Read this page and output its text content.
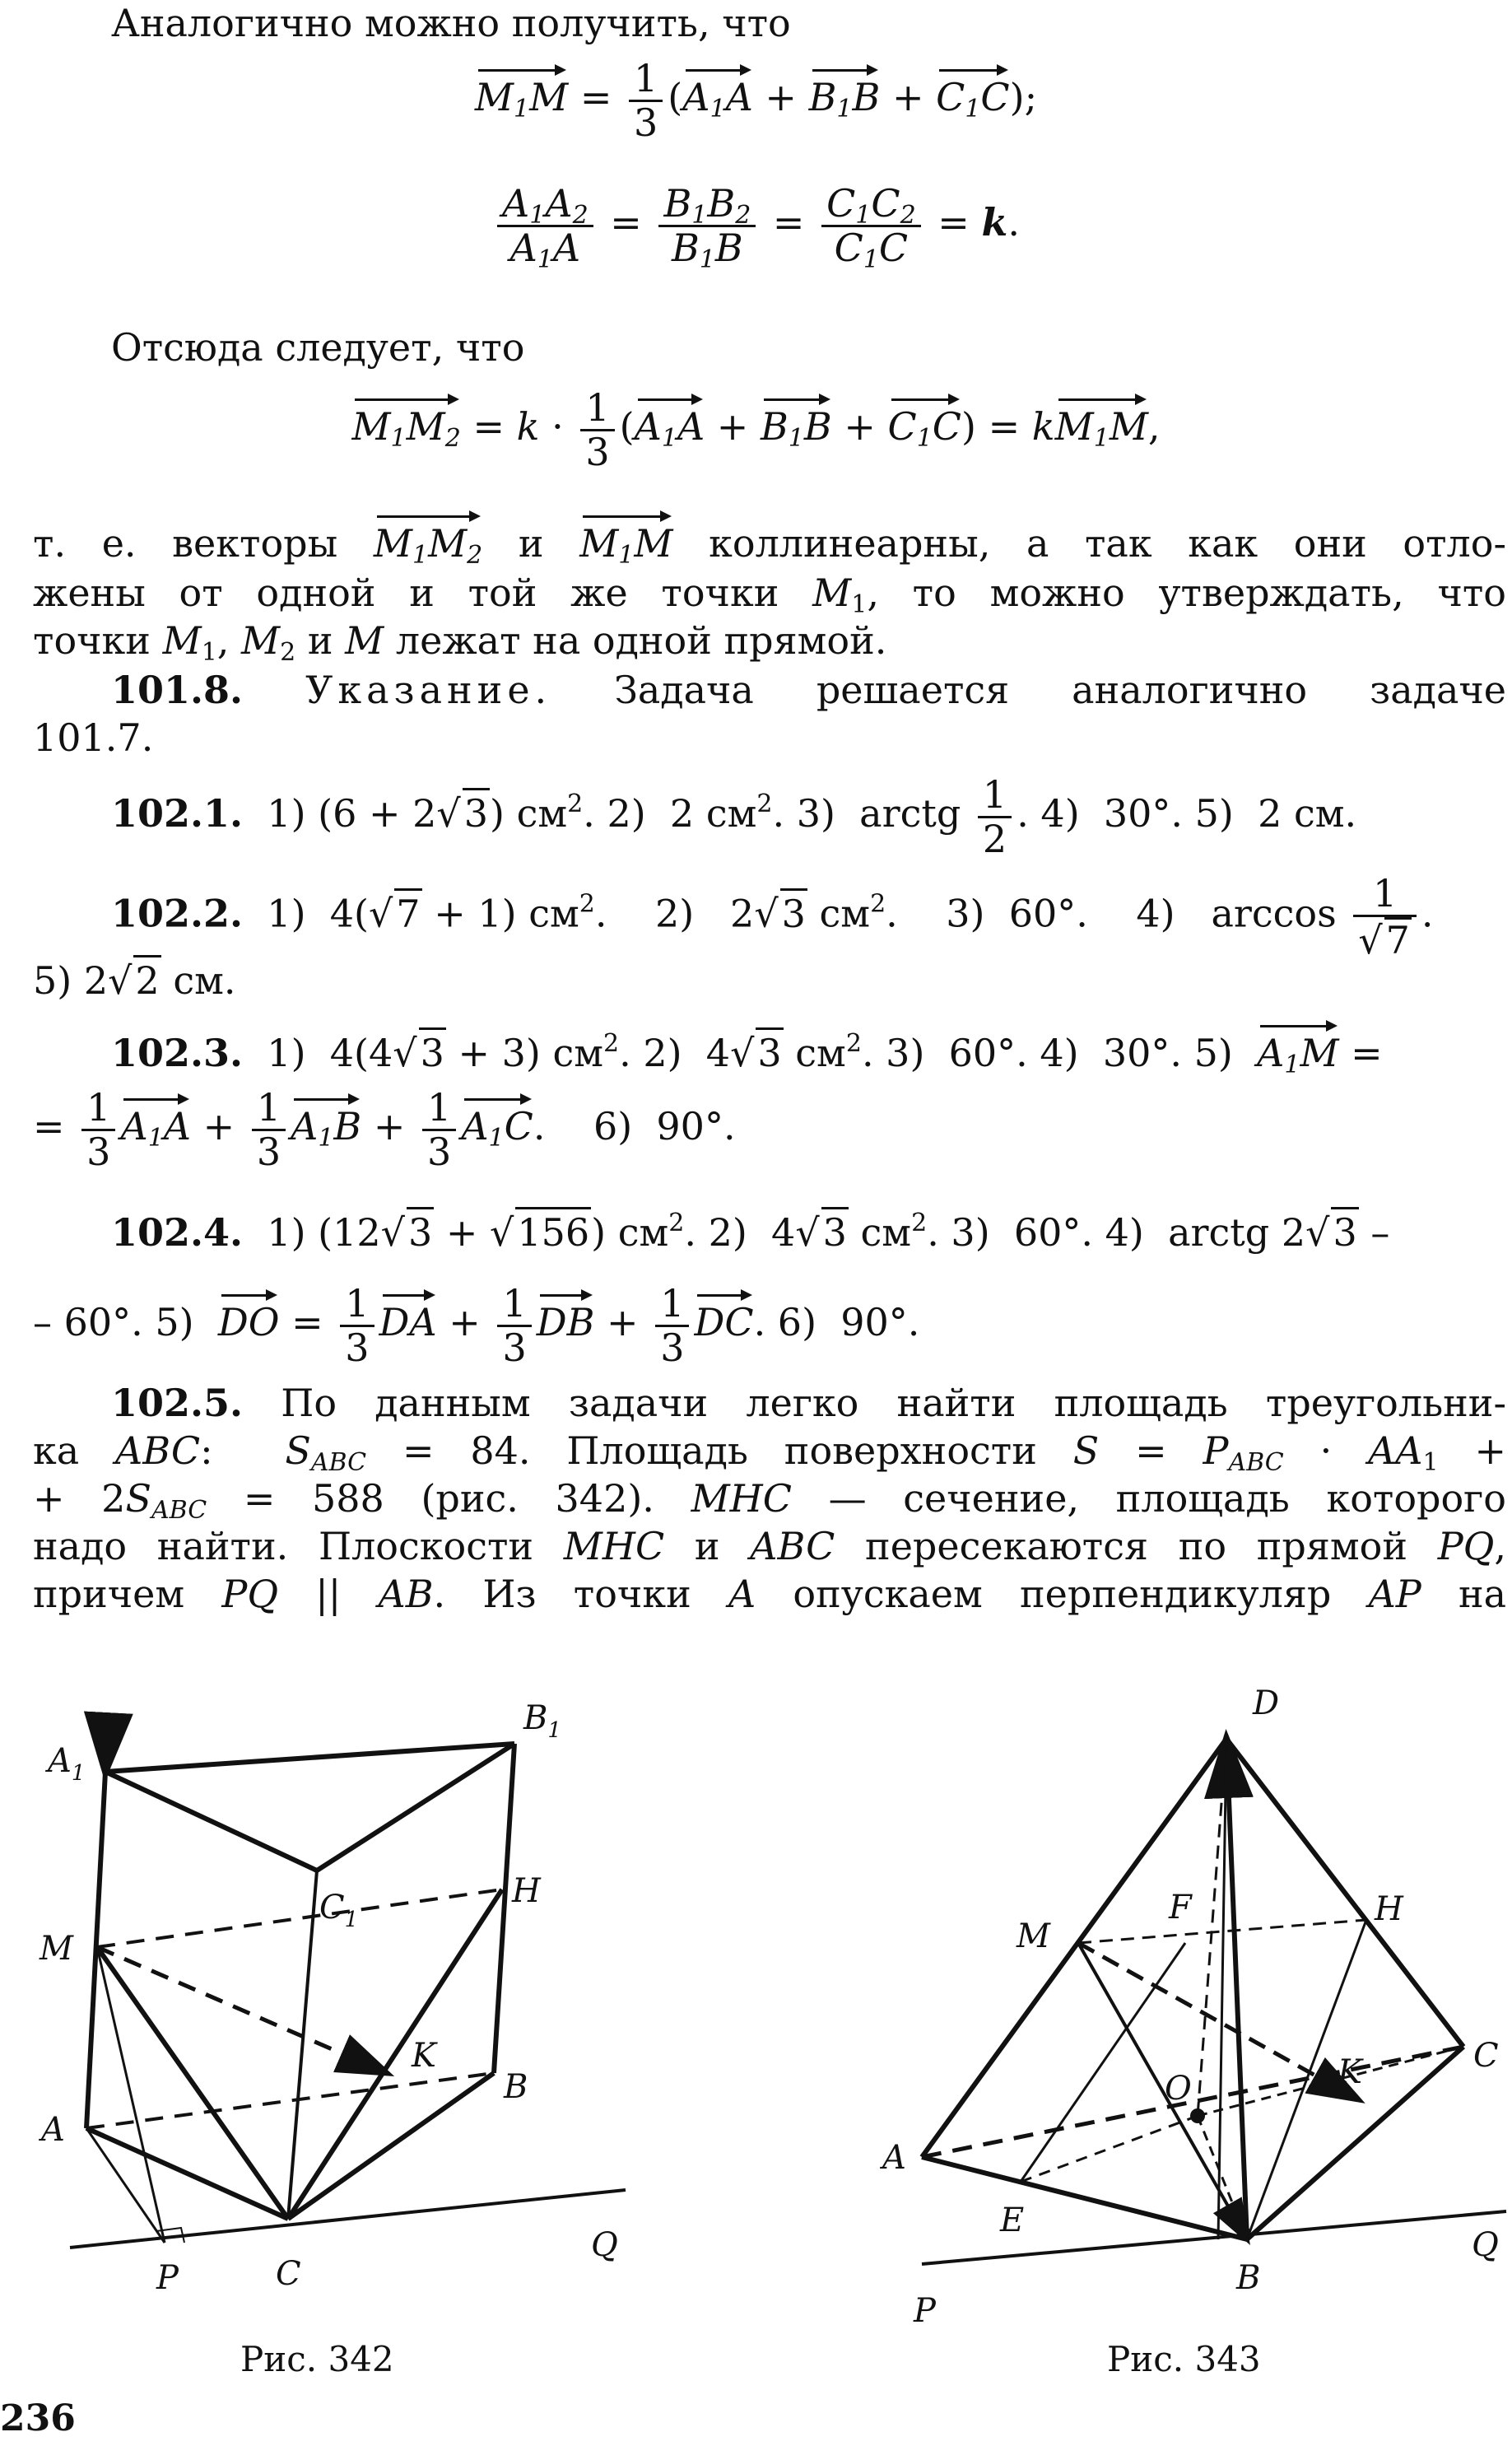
Аналогично можно получить, что
$M_1M = \frac{1}{3} (A_1A + B_1B + C_1C)$;
$\frac{A_1A_2}{A_1A} = \frac{B_1B_2}{B_1B} = \frac{C_1C_2}{C_1C} = k$.
Отсюда следует, что
$M_1M_2 = k \cdot \frac{1}{3} (A_1A + B_1B + C_1C) = kM_1M$,
т. е. векторы $M_1M_2$ и $M_1M$ коллинеарны, а так как они отло-
жены от одной и той же точки $M_1$, то можно утверждать, что
точки $M_1$, $M_2$ и M лежат на одной прямой.
101.8. Указание. Задача решается аналогично задаче
101.7.
102.1.  1) (6 + 2√3) $см^2$. 2)  2 $см^2$. 3)  arctg $\frac{1}{2}$ . 4)  30°. 5)  2 см.
102.2.  1)  4(√7 + 1) $см^2$.    2)   2√3 $см^2$.    3)  60°.    4)   $\arccos \frac{1}{√7}$ .
5) 2√2 см.
102.3.  1)  4(4√3 + 3) $см^2$. 2)  4√3 $см^2$. 3)  60°. 4)  30°. 5)  $A_1M$ =
= $\frac{1}{3} A_1A + \frac{1}{3} A_1B + \frac{1}{3} A_1C$.    6)  90°.
102.4.  1) (12√3 + √156) $см^2$. 2)  4√3 $см^2$. 3)  60°. 4)  arctg 2√3 –
– 60°. 5)  DO = $\frac{1}{3}$ DA + $\frac{1}{3}$ DB + $\frac{1}{3}$ DC. 6)  90°.
102.5. По данным задачи легко найти площадь треугольни-
ка ABC:  $S_{ABC} = 84$. Площадь поверхности $S = P_{ABC} \cdot AA_1$ +
+ $2S_{ABC} = 588$ (рис. 342). MHC — сечение, площадь которого
надо найти. Плоскости MHC и ABC пересекаются по прямой PQ,
причем PQ || AB. Из точки A опускаем перпендикуляр AP на
$A_1$
$B_1$
$C_1$
H
M
K
B
A
P	C
Q
Рис. 342
D
M
F	H
O	K	C
A
E
B
P
Q
Рис. 343
236
